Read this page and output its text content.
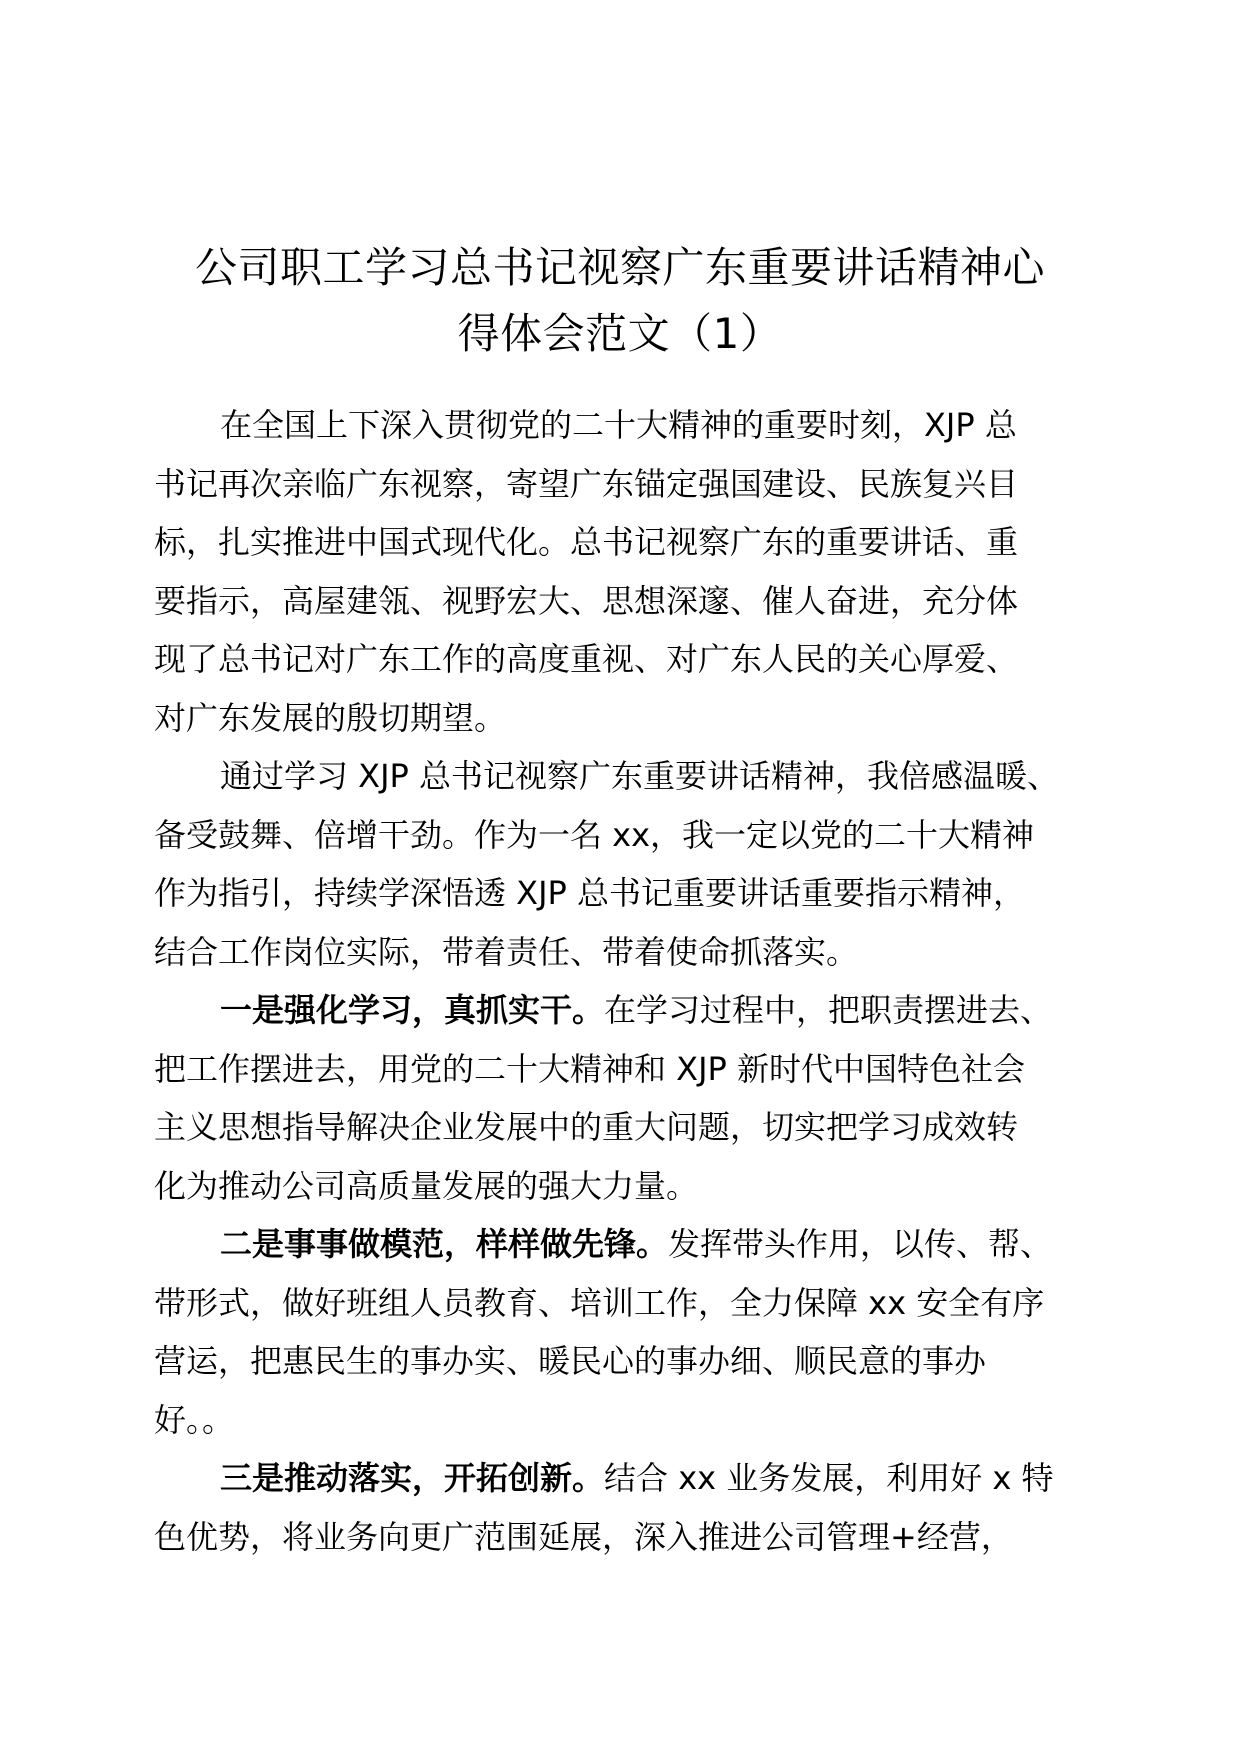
公司职工学习总书记视察广东重要讲话精神心
得体会范文（1）

在全国上下深入贯彻党的二十大精神的重要时刻，XJP 总
书记再次亲临广东视察，寄望广东锚定强国建设、民族复兴目
标，扎实推进中国式现代化。总书记视察广东的重要讲话、重
要指示，高屋建瓴、视野宏大、思想深邃、催人奋进，充分体
现了总书记对广东工作的高度重视、对广东人民的关心厚爱、
对广东发展的殷切期望。

通过学习 XJP 总书记视察广东重要讲话精神，我倍感温暖、
备受鼓舞、倍增干劲。作为一名 xx，我一定以党的二十大精神
作为指引，持续学深悟透 XJP 总书记重要讲话重要指示精神，
结合工作岗位实际，带着责任、带着使命抓落实。

一是强化学习，真抓实干。在学习过程中，把职责摆进去、
把工作摆进去，用党的二十大精神和 XJP 新时代中国特色社会
主义思想指导解决企业发展中的重大问题，切实把学习成效转
化为推动公司高质量发展的强大力量。

二是事事做模范，样样做先锋。发挥带头作用，以传、帮、
带形式，做好班组人员教育、培训工作，全力保障 xx 安全有序
营运，把惠民生的事办实、暖民心的事办细、顺民意的事办
好。。

三是推动落实，开拓创新。结合 xx 业务发展，利用好 x 特
色优势，将业务向更广范围延展，深入推进公司管理+经营，
